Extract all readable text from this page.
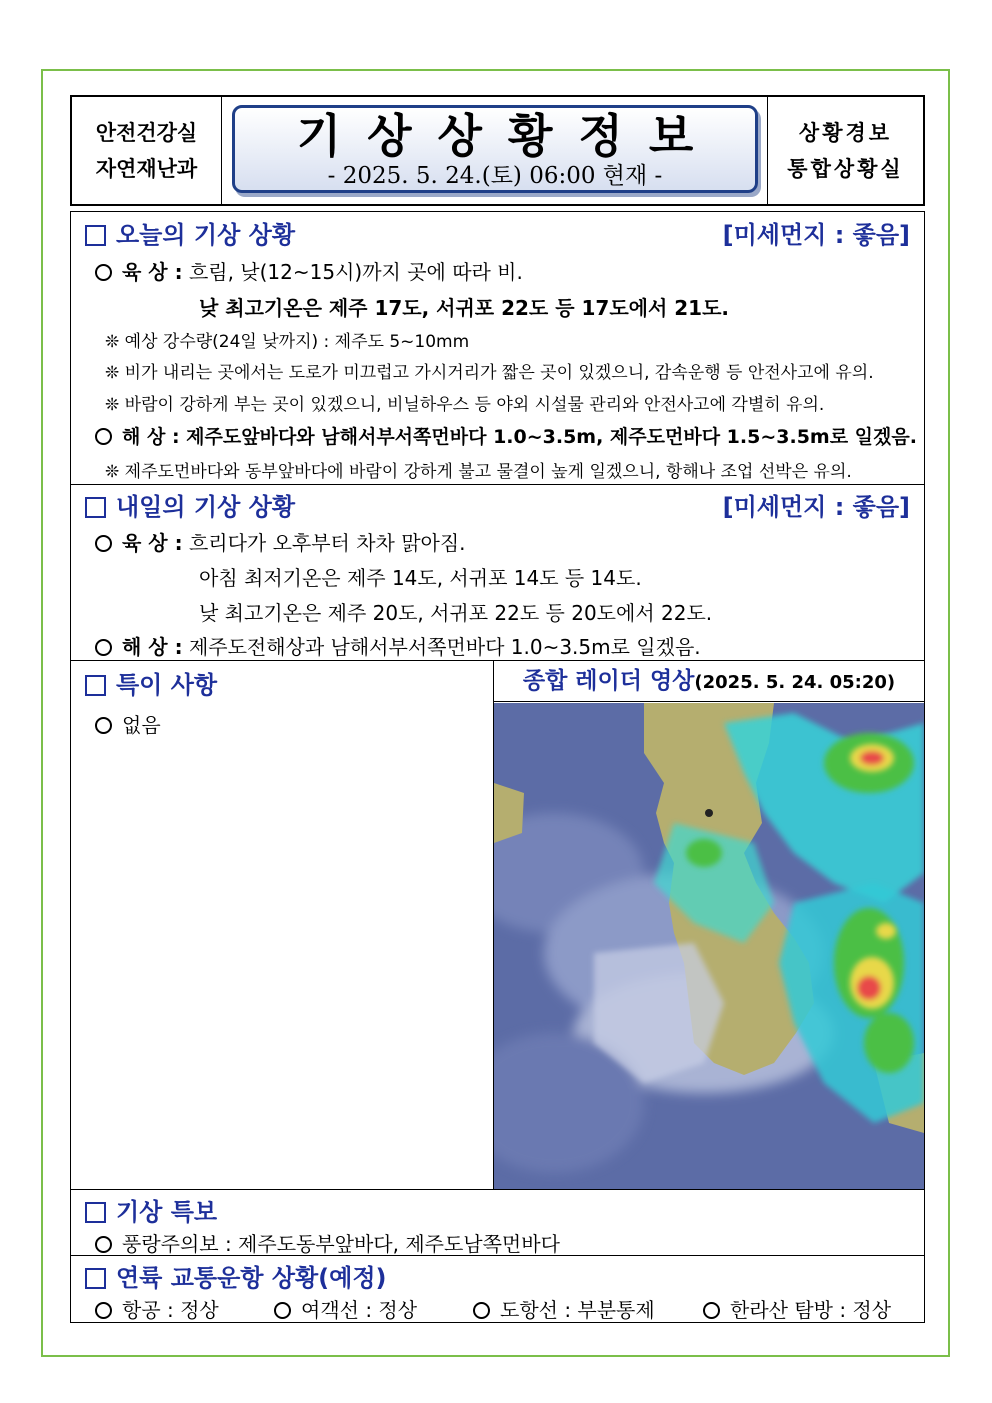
안전건강실
자연재난과
기상상황정보
- 2025. 5. 24.(토) 06:00 현재 -
상황경보
통합상황실
오늘의 기상 상황	[미세먼지 : 좋음]
육 상 : 흐림, 낮(12~15시)까지 곳에 따라 비.
낮 최고기온은 제주 17도, 서귀포 22도 등 17도에서 21도.
❊ 예상 강수량(24일 낮까지) : 제주도 5~10mm
❊ 비가 내리는 곳에서는 도로가 미끄럽고 가시거리가 짧은 곳이 있겠으니, 감속운행 등 안전사고에 유의.
❊ 바람이 강하게 부는 곳이 있겠으니, 비닐하우스 등 야외 시설물 관리와 안전사고에 각별히 유의.
해 상 : 제주도앞바다와 남해서부서쪽먼바다 1.0~3.5m, 제주도먼바다 1.5~3.5m로 일겠음.
❊ 제주도먼바다와 동부앞바다에 바람이 강하게 불고 물결이 높게 일겠으니, 항해나 조업 선박은 유의.
내일의 기상 상황	[미세먼지 : 좋음]
육 상 : 흐리다가 오후부터 차차 맑아짐.
아침 최저기온은 제주 14도, 서귀포 14도 등 14도.
낮 최고기온은 제주 20도, 서귀포 22도 등 20도에서 22도.
해 상 : 제주도전해상과 남해서부서쪽먼바다 1.0~3.5m로 일겠음.
특이 사항
없음
종합 레이더 영상(2025. 5. 24. 05:20)
기상 특보
풍랑주의보 : 제주도동부앞바다, 제주도남쪽먼바다
연륙 교통운항 상황(예정)
항공 : 정상	여객선 : 정상	도항선 : 부분통제	한라산 탐방 : 정상
